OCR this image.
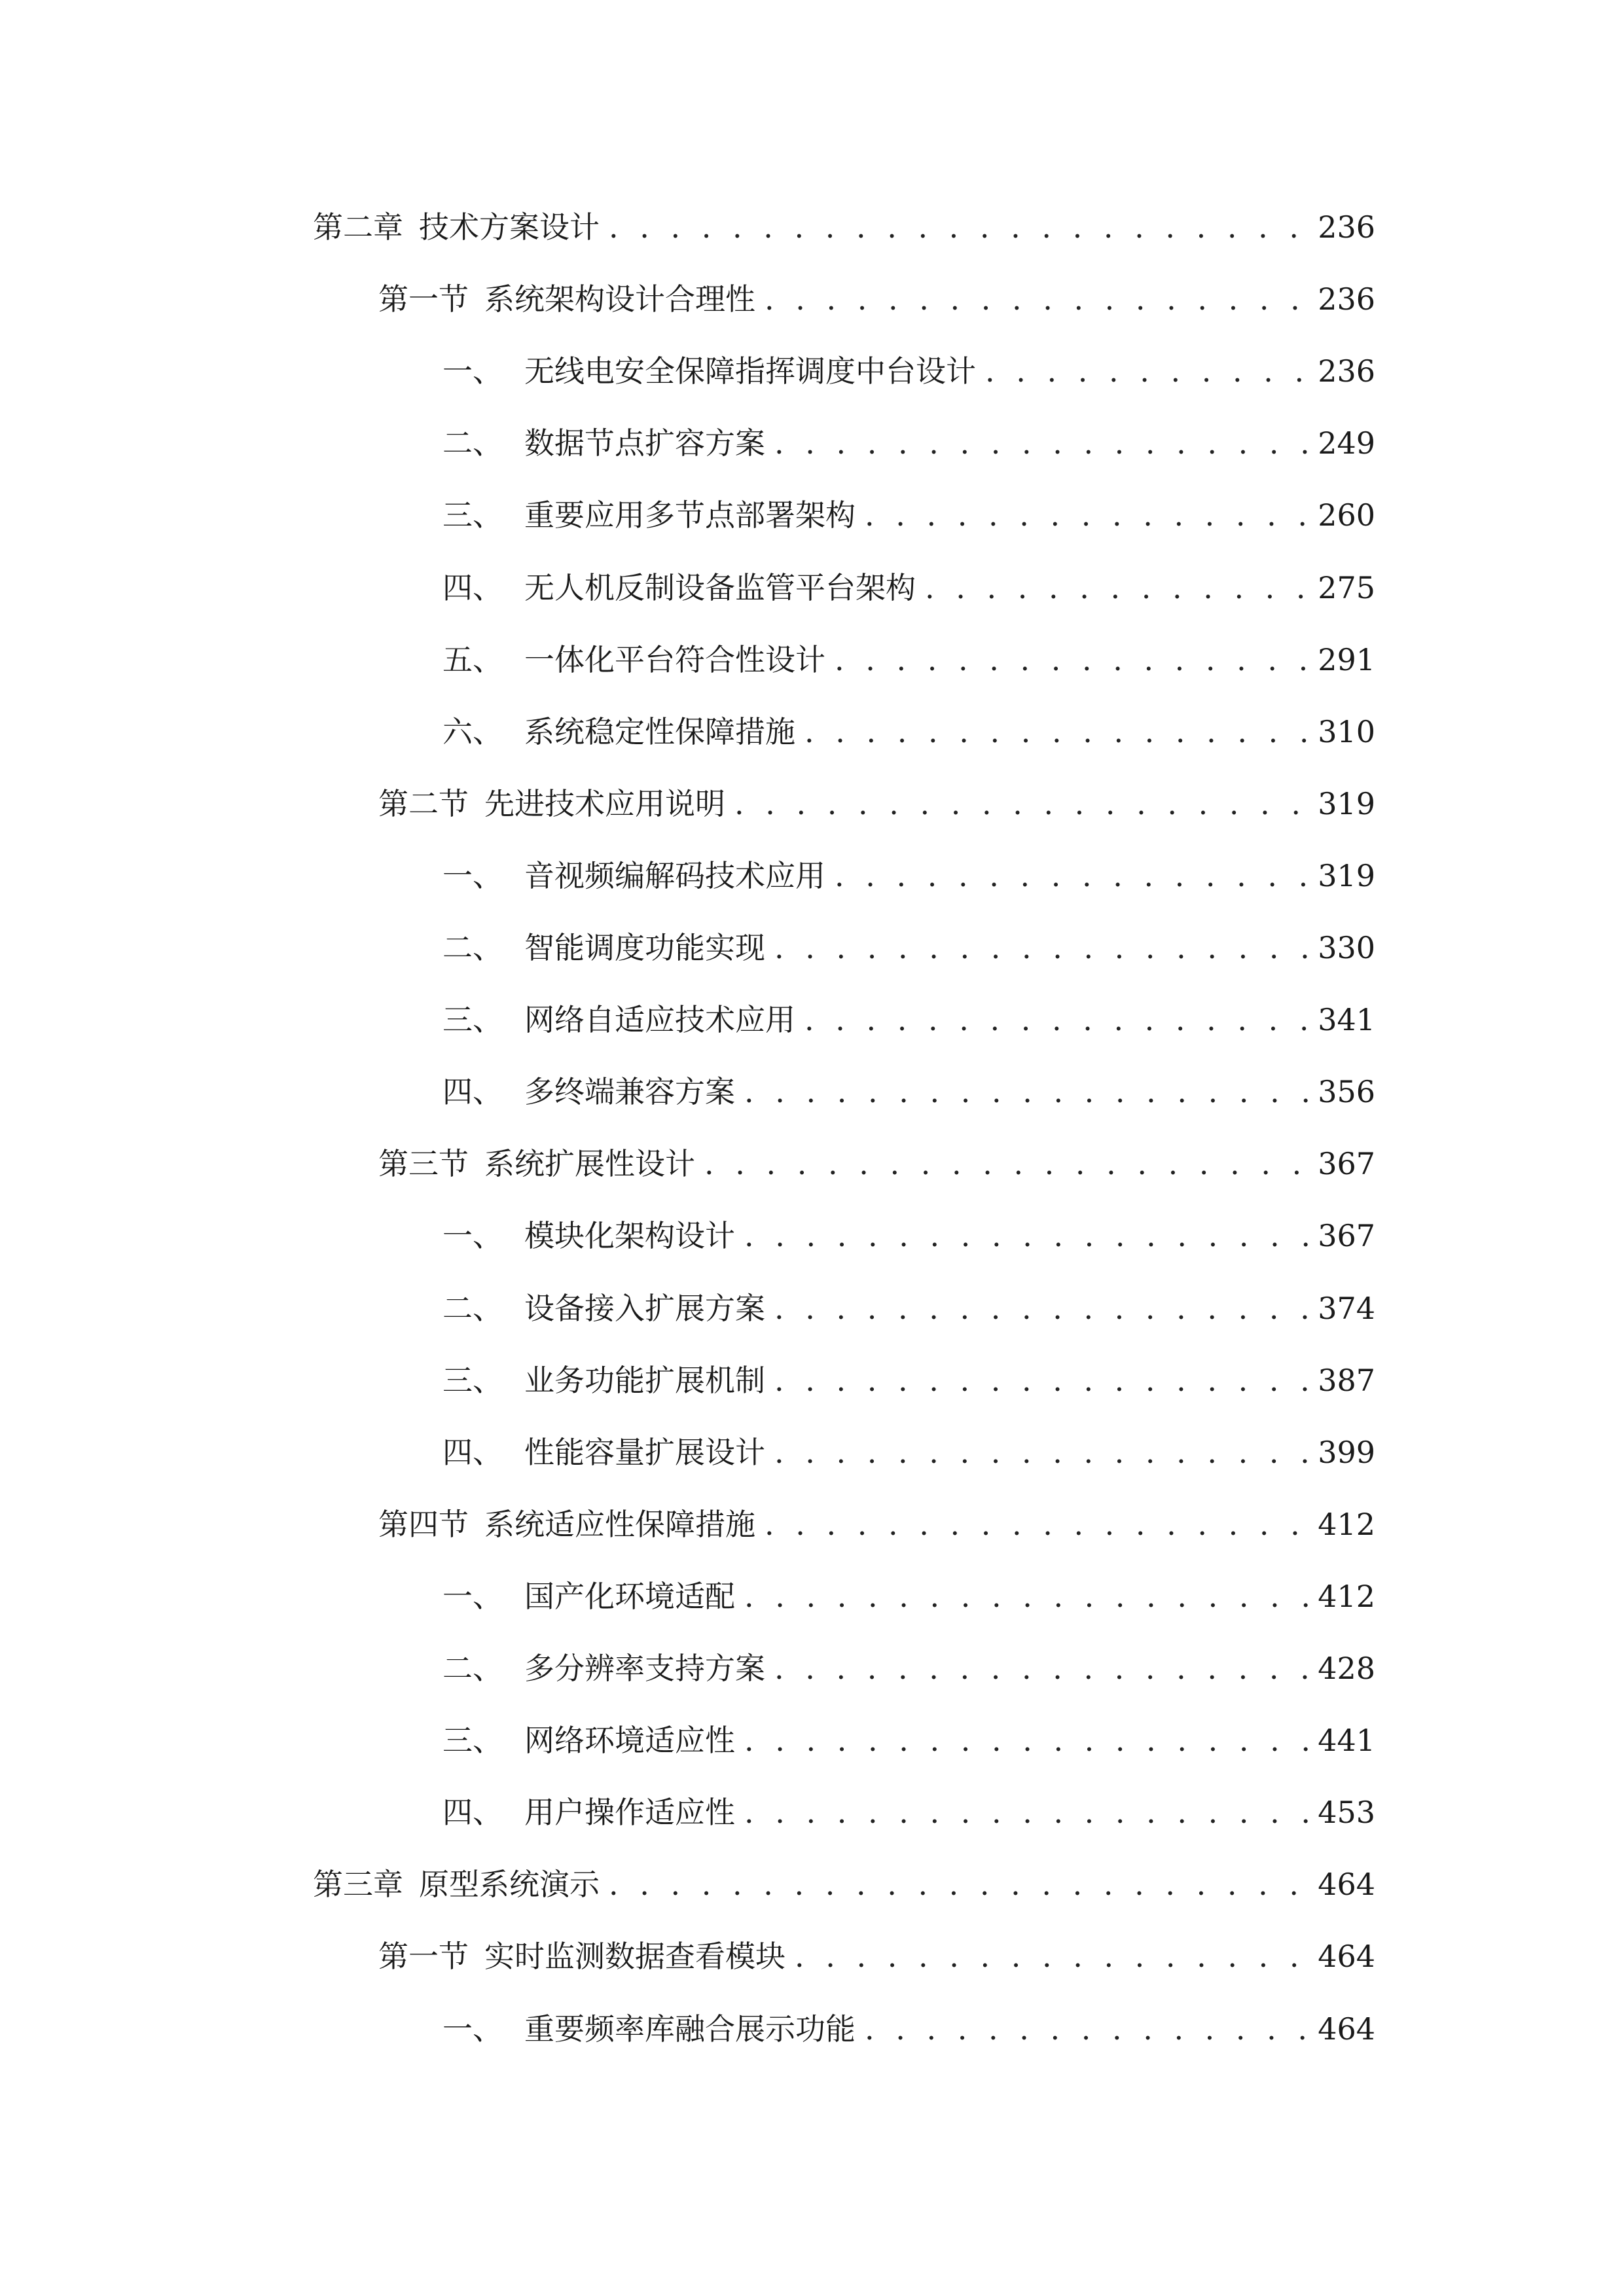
第二章 技术方案设计 . . .	236
第一节 系统架构设计合理性 . . .	236
一、 无线电安全保障指挥调度中台设计 . . .	236
二、 数据节点扩容方案 . . .	249
三、 重要应用多节点部署架构 . . .	260
四、 无人机反制设备监管平台架构 . . .	275
五、 一体化平台符合性设计 . . .	291
六、 系统稳定性保障措施 . . .	310
第二节 先进技术应用说明 . . .	319
一、 音视频编解码技术应用 . . .	319
二、 智能调度功能实现 . . .	330
三、 网络自适应技术应用 . . .	341
四、 多终端兼容方案 . . .	356
第三节 系统扩展性设计 . . .	367
一、 模块化架构设计 . . .	367
二、 设备接入扩展方案 . . .	374
三、 业务功能扩展机制 . . .	387
四、 性能容量扩展设计 . . .	399
第四节 系统适应性保障措施 . . .	412
一、 国产化环境适配 . . .	412
二、 多分辨率支持方案 . . .	428
三、 网络环境适应性 . . .	441
四、 用户操作适应性 . . .	453
第三章 原型系统演示 . . .	464
第一节 实时监测数据查看模块 . . .	464
一、 重要频率库融合展示功能 . . .	464
